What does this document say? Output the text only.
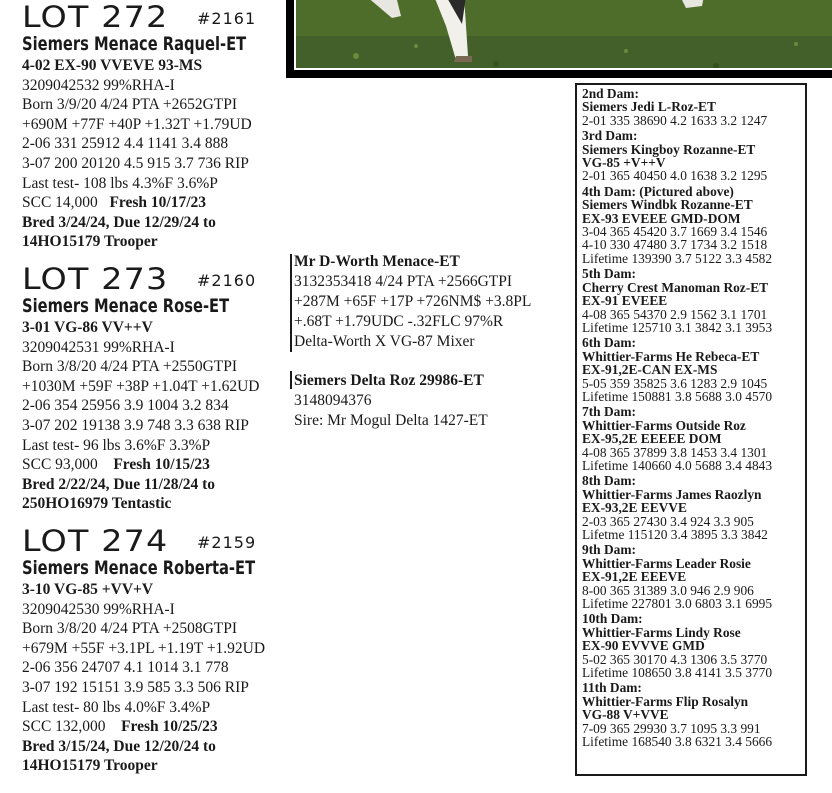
LOT 272 #2161
Siemers Menace Raquel-ET
4-02 EX-90 VVEVE 93-MS
3209042532 99%RHA-I
Born 3/9/20 4/24 PTA +2652GTPI
+690M +77F +40P +1.32T +1.79UD
2-06 331 25912 4.4 1141 3.4 888
3-07 200 20120 4.5 915 3.7 736 RIP
Last test- 108 lbs 4.3%F 3.6%P
SCC 14,000 Fresh 10/17/23
Bred 3/24/24, Due 12/29/24 to
14HO15179 Trooper
LOT 273 #2160
Siemers Menace Rose-ET
3-01 VG-86 VV++V
3209042531 99%RHA-I
Born 3/8/20 4/24 PTA +2550GTPI
+1030M +59F +38P +1.04T +1.62UD
2-06 354 25956 3.9 1004 3.2 834
3-07 202 19138 3.9 748 3.3 638 RIP
Last test- 96 lbs 3.6%F 3.3%P
SCC 93,000 Fresh 10/15/23
Bred 2/22/24, Due 11/28/24 to
250HO16979 Tentastic
LOT 274 #2159
Siemers Menace Roberta-ET
3-10 VG-85 +VV+V
3209042530 99%RHA-I
Born 3/8/20 4/24 PTA +2508GTPI
+679M +55F +3.1PL +1.19T +1.92UD
2-06 356 24707 4.1 1014 3.1 778
3-07 192 15151 3.9 585 3.3 506 RIP
Last test- 80 lbs 4.0%F 3.4%P
SCC 132,000 Fresh 10/25/23
Bred 3/15/24, Due 12/20/24 to
14HO15179 Trooper
Mr D-Worth Menace-ET
3132353418 4/24 PTA +2566GTPI
+287M +65F +17P +726NM$ +3.8PL
+.68T +1.79UDC -.32FLC 97%R
Delta-Worth X VG-87 Mixer
Siemers Delta Roz 29986-ET
3148094376
Sire: Mr Mogul Delta 1427-ET
2nd Dam:
Siemers Jedi L-Roz-ET
2-01 335 38690 4.2 1633 3.2 1247
3rd Dam:
Siemers Kingboy Rozanne-ET
VG-85 +V++V
2-01 365 40450 4.0 1638 3.2 1295
4th Dam: (Pictured above)
Siemers Windbk Rozanne-ET
EX-93 EVEEE GMD-DOM
3-04 365 45420 3.7 1669 3.4 1546
4-10 330 47480 3.7 1734 3.2 1518
Lifetime 139390 3.7 5122 3.3 4582
5th Dam:
Cherry Crest Manoman Roz-ET
EX-91 EVEEE
4-08 365 54370 2.9 1562 3.1 1701
Lifetime 125710 3.1 3842 3.1 3953
6th Dam:
Whittier-Farms He Rebeca-ET
EX-91,2E-CAN EX-MS
5-05 359 35825 3.6 1283 2.9 1045
Lifetime 150881 3.8 5688 3.0 4570
7th Dam:
Whittier-Farms Outside Roz
EX-95,2E EEEEE DOM
4-08 365 37899 3.8 1453 3.4 1301
Lifetime 140660 4.0 5688 3.4 4843
8th Dam:
Whittier-Farms James Raozlyn
EX-93,2E EEVVE
2-03 365 27430 3.4 924 3.3 905
Lifetme 115120 3.4 3895 3.3 3842
9th Dam:
Whittier-Farms Leader Rosie
EX-91,2E EEEVE
8-00 365 31389 3.0 946 2.9 906
Lifetime 227801 3.0 6803 3.1 6995
10th Dam:
Whittier-Farms Lindy Rose
EX-90 EVVVE GMD
5-02 365 30170 4.3 1306 3.5 3770
Lifetime 108650 3.8 4141 3.5 3770
11th Dam:
Whittier-Farms Flip Rosalyn
VG-88 V+VVE
7-09 365 29930 3.7 1095 3.3 991
Lifetime 168540 3.8 6321 3.4 5666
